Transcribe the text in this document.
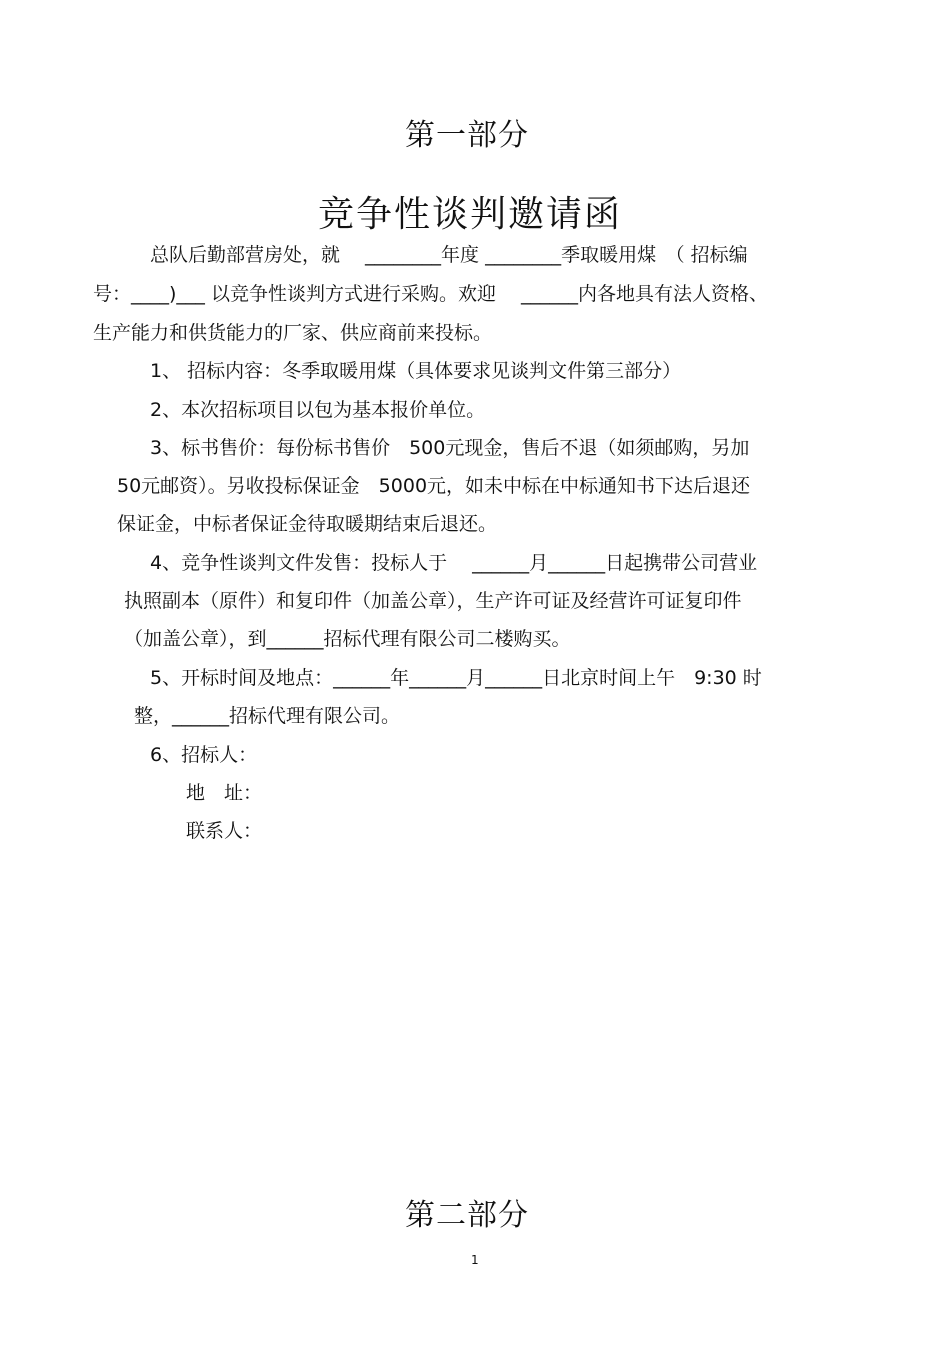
第一部分
竞争性谈判邀请函
总队后勤部营房处，就　 ________年度 ________季取暖用煤　（ 招标编
号：____)___ 以竞争性谈判方式进行采购。欢迎　 ______内各地具有法人资格、
生产能力和供货能力的厂家、供应商前来投标。
1、 招标内容：冬季取暖用煤（具体要求见谈判文件第三部分）
2、本次招标项目以包为基本报价单位。
3、标书售价：每份标书售价　500元现金，售后不退（如须邮购，另加
50元邮资）。另收投标保证金　5000元，如未中标在中标通知书下达后退还
保证金，中标者保证金待取暖期结束后退还。
4、竞争性谈判文件发售：投标人于　 ______月______日起携带公司营业
执照副本（原件）和复印件（加盖公章），生产许可证及经营许可证复印件
（加盖公章），到______招标代理有限公司二楼购买。
5、开标时间及地点：______年______月______日北京时间上午　9:30 时
整，______招标代理有限公司。
6、招标人：
地　址：
联系人：
第二部分
1
